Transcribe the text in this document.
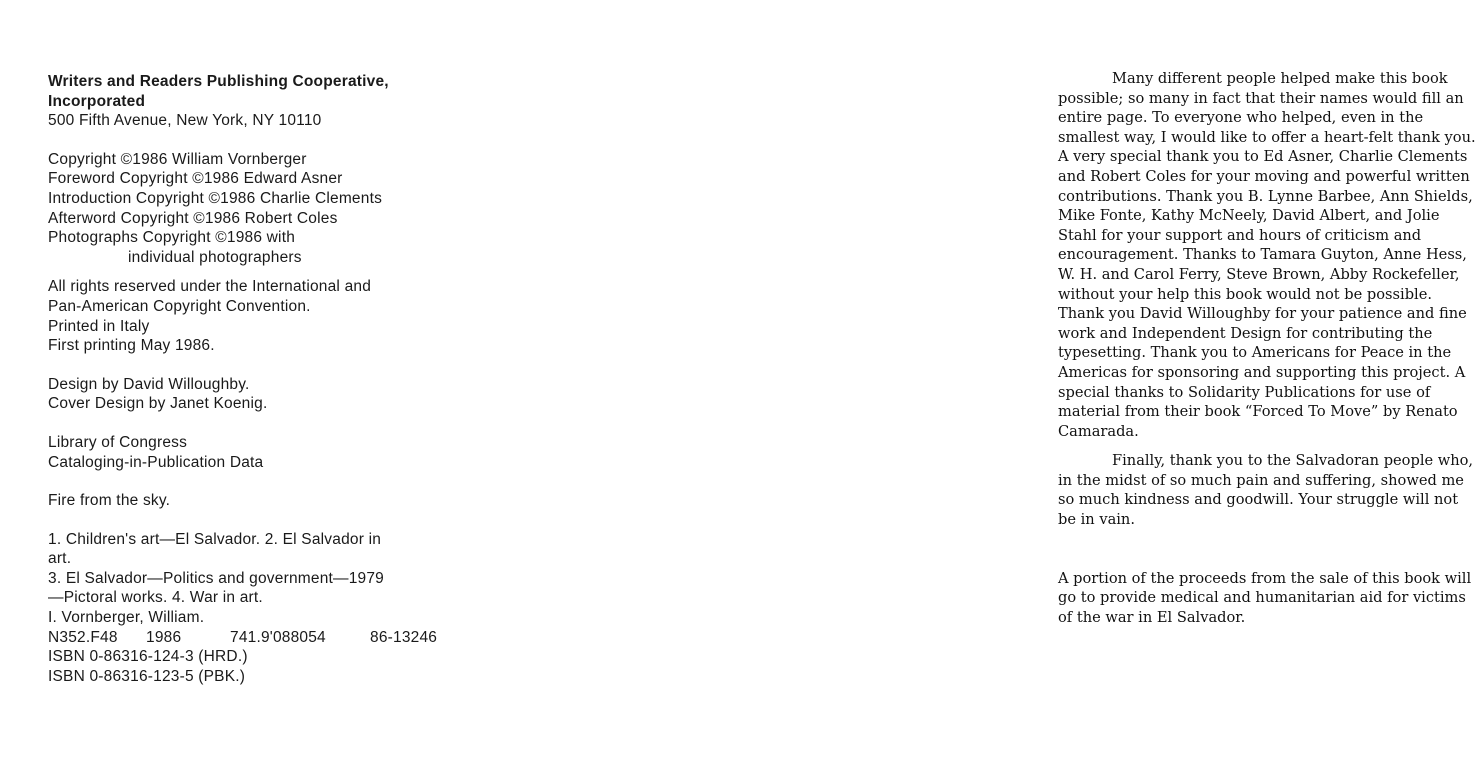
Writers and Readers Publishing Cooperative,
Incorporated
500 Fifth Avenue, New York, NY 10110
Copyright ©1986 William Vornberger
Foreword Copyright ©1986 Edward Asner
Introduction Copyright ©1986 Charlie Clements
Afterword Copyright ©1986 Robert Coles
Photographs Copyright ©1986 with
individual photographers
All rights reserved under the International and
Pan-American Copyright Convention.
Printed in Italy
First printing May 1986.
Design by David Willoughby.
Cover Design by Janet Koenig.
Library of Congress
Cataloging-in-Publication Data
Fire from the sky.
1. Children's art—El Salvador. 2. El Salvador in
art.
3. El Salvador—Politics and government—1979
—Pictoral works. 4. War in art.
I. Vornberger, William.
N352.F48	1986	741.9'088054	86-13246
ISBN 0-86316-124-3 (HRD.)
ISBN 0-86316-123-5 (PBK.)

Many different people helped make this book possible; so many in fact that their names would fill an entire page. To everyone who helped, even in the smallest way, I would like to offer a heart-felt thank you. A very special thank you to Ed Asner, Charlie Clements and Robert Coles for your moving and powerful written contributions. Thank you B. Lynne Barbee, Ann Shields, Mike Fonte, Kathy McNeely, David Albert, and Jolie Stahl for your support and hours of criticism and encouragement. Thanks to Tamara Guyton, Anne Hess, W. H. and Carol Ferry, Steve Brown, Abby Rockefeller, without your help this book would not be possible. Thank you David Willoughby for your patience and fine work and Independent Design for contributing the typesetting. Thank you to Americans for Peace in the Americas for sponsoring and supporting this project. A special thanks to Solidarity Publications for use of material from their book “Forced To Move” by Renato Camarada.

Finally, thank you to the Salvadoran people who, in the midst of so much pain and suffering, showed me so much kindness and goodwill. Your struggle will not be in vain.

A portion of the proceeds from the sale of this book will go to provide medical and humanitarian aid for victims of the war in El Salvador.
